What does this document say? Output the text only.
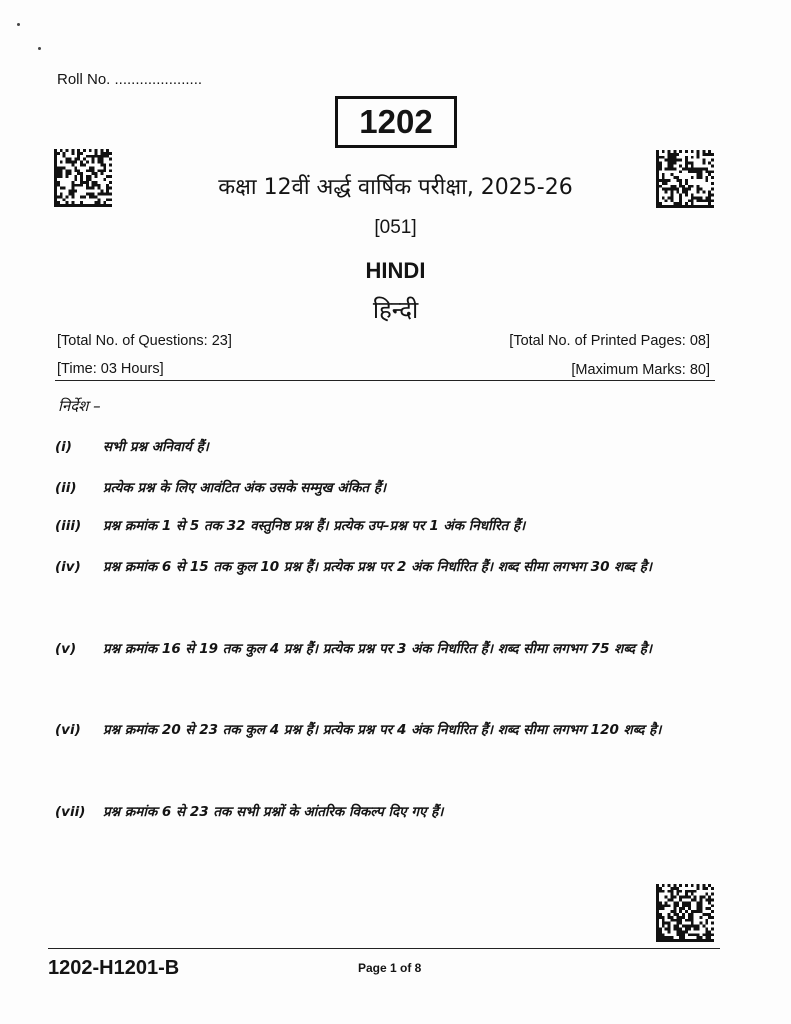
Roll No. .....................
1202
कक्षा 12वीं अर्द्ध वार्षिक परीक्षा, 2025-26
[051]
HINDI
हिन्दी
[Total No. of Questions: 23]	[Total No. of Printed Pages: 08]
[Time: 03 Hours]	[Maximum Marks: 80]
निर्देश –
(i)	सभी प्रश्न अनिवार्य हैं।
(ii)	प्रत्येक प्रश्न के लिए आवंटित अंक उसके सम्मुख अंकित हैं।
(iii)	प्रश्न क्रमांक 1 से 5 तक 32 वस्तुनिष्ठ प्रश्न हैं। प्रत्येक उप–प्रश्न पर 1 अंक निर्धारित हैं।
(iv)	प्रश्न क्रमांक 6 से 15 तक कुल 10 प्रश्न हैं। प्रत्येक प्रश्न पर 2 अंक निर्धारित हैं। शब्द सीमा लगभग 30 शब्द है।
(v)	प्रश्न क्रमांक 16 से 19 तक कुल 4 प्रश्न हैं। प्रत्येक प्रश्न पर 3 अंक निर्धारित हैं। शब्द सीमा लगभग 75 शब्द है।
(vi)	प्रश्न क्रमांक 20 से 23 तक कुल 4 प्रश्न हैं। प्रत्येक प्रश्न पर 4 अंक निर्धारित हैं। शब्द सीमा लगभग 120 शब्द है।
(vii)	प्रश्न क्रमांक 6 से 23 तक सभी प्रश्नों के आंतरिक विकल्प दिए गए हैं।
1202-H1201-B	Page 1 of 8
